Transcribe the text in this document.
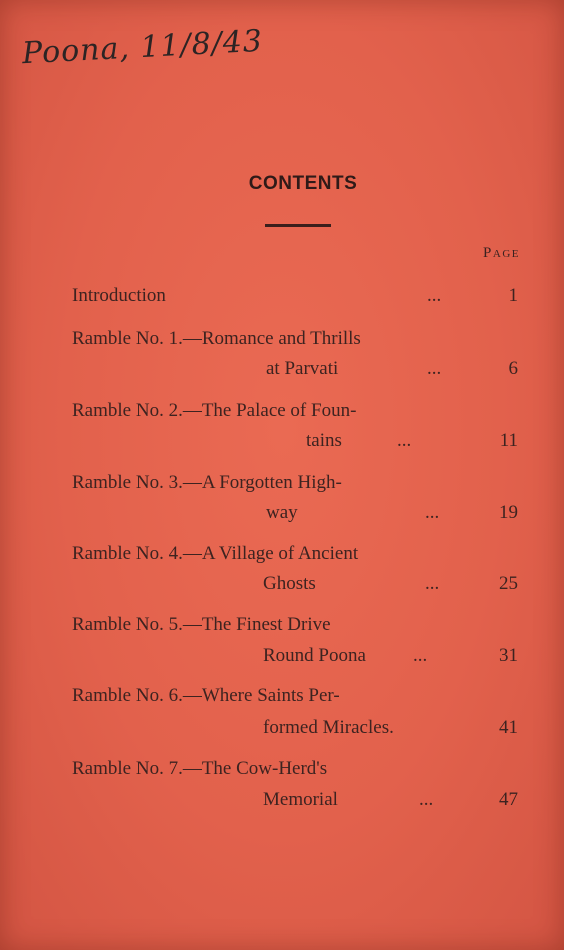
Poona, 11/8/43
CONTENTS
Page
Introduction	...	1
Ramble No. 1.—Romance and Thrills
at Parvati	...	6
Ramble No. 2.—The Palace of Foun-
tains	...	11
Ramble No. 3.—A Forgotten High-
way	...	19
Ramble No. 4.—A Village of Ancient
Ghosts	...	25
Ramble No. 5.—The Finest Drive
Round Poona ...	31
Ramble No. 6.—Where Saints Per-
formed Miracles.	41
Ramble No. 7.—The Cow-Herd's
Memorial	...	47
